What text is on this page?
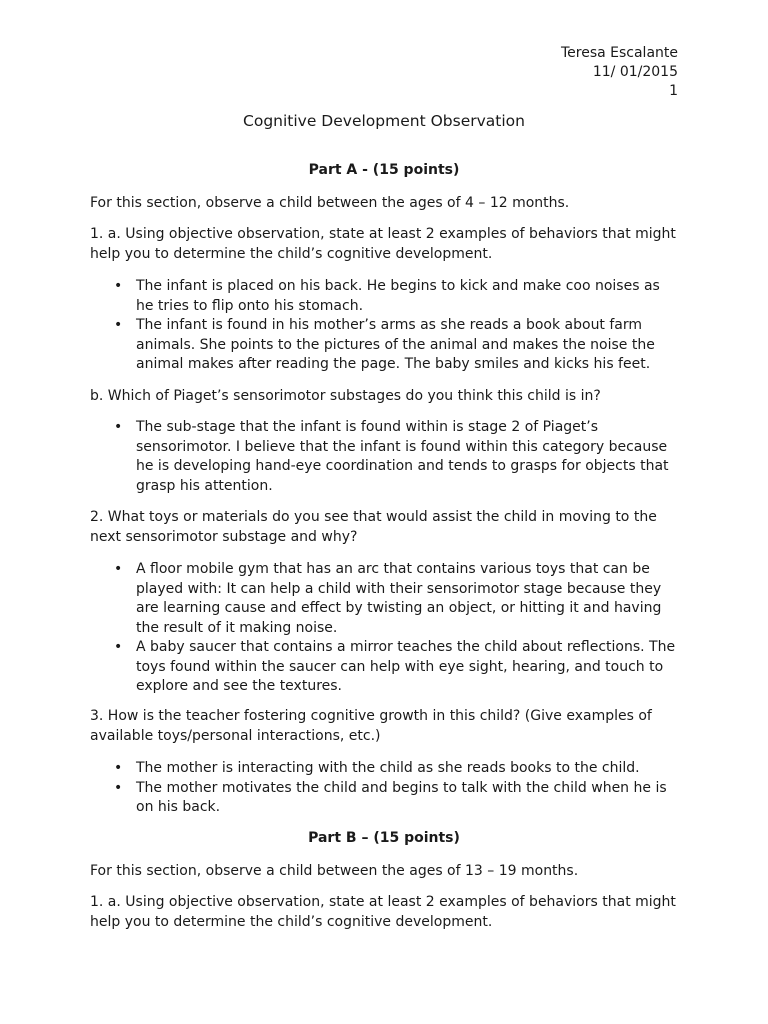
Teresa Escalante
11/ 01/2015
1

Cognitive Development Observation

Part A - (15 points)

For this section, observe a child between the ages of 4 – 12 months.

1. a. Using objective observation, state at least 2 examples of behaviors that might help you to determine the child’s cognitive development.

• The infant is placed on his back. He begins to kick and make coo noises as he tries to flip onto his stomach.
• The infant is found in his mother’s arms as she reads a book about farm animals. She points to the pictures of the animal and makes the noise the animal makes after reading the page. The baby smiles and kicks his feet.

b. Which of Piaget’s sensorimotor substages do you think this child is in?

• The sub-stage that the infant is found within is stage 2 of Piaget’s sensorimotor. I believe that the infant is found within this category because he is developing hand-eye coordination and tends to grasps for objects that grasp his attention.

2. What toys or materials do you see that would assist the child in moving to the next sensorimotor substage and why?

• A floor mobile gym that has an arc that contains various toys that can be played with: It can help a child with their sensorimotor stage because they are learning cause and effect by twisting an object, or hitting it and having the result of it making noise.
• A baby saucer that contains a mirror teaches the child about reflections. The toys found within the saucer can help with eye sight, hearing, and touch to explore and see the textures.

3. How is the teacher fostering cognitive growth in this child? (Give examples of available toys/personal interactions, etc.)

• The mother is interacting with the child as she reads books to the child.
• The mother motivates the child and begins to talk with the child when he is on his back.

Part B – (15 points)

For this section, observe a child between the ages of 13 – 19 months.

1. a. Using objective observation, state at least 2 examples of behaviors that might help you to determine the child’s cognitive development.
